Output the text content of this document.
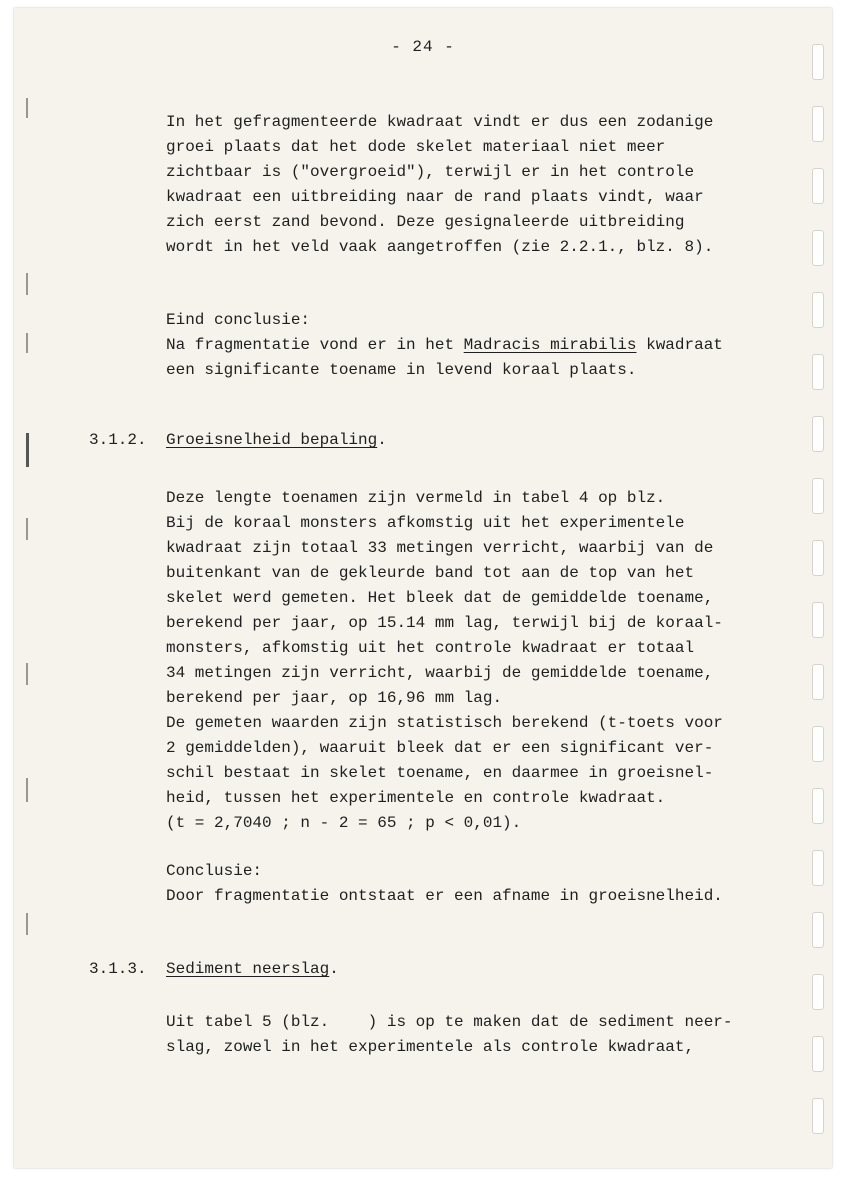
- 24 -
In het gefragmenteerde kwadraat vindt er dus een zodanige
groei plaats dat het dode skelet materiaal niet meer
zichtbaar is ("overgroeid"), terwijl er in het controle
kwadraat een uitbreiding naar de rand plaats vindt, waar
zich eerst zand bevond. Deze gesignaleerde uitbreiding
wordt in het veld vaak aangetroffen (zie 2.2.1., blz. 8).
Eind conclusie:
Na fragmentatie vond er in het Madracis mirabilis kwadraat
een significante toename in levend koraal plaats.
3.1.2. Groeisnelheid bepaling.
Deze lengte toenamen zijn vermeld in tabel 4 op blz.
Bij de koraal monsters afkomstig uit het experimentele
kwadraat zijn totaal 33 metingen verricht, waarbij van de
buitenkant van de gekleurde band tot aan de top van het
skelet werd gemeten. Het bleek dat de gemiddelde toename,
berekend per jaar, op 15.14 mm lag, terwijl bij de koraal-
monsters, afkomstig uit het controle kwadraat er totaal
34 metingen zijn verricht, waarbij de gemiddelde toename,
berekend per jaar, op 16,96 mm lag.
De gemeten waarden zijn statistisch berekend (t-toets voor
2 gemiddelden), waaruit bleek dat er een significant ver-
schil bestaat in skelet toename, en daarmee in groeisnel-
heid, tussen het experimentele en controle kwadraat.
(t = 2,7040 ; n - 2 = 65 ; p < 0,01).
Conclusie:
Door fragmentatie ontstaat er een afname in groeisnelheid.
3.1.3. Sediment neerslag.
Uit tabel 5 (blz.    ) is op te maken dat de sediment neer-
slag, zowel in het experimentele als controle kwadraat,
